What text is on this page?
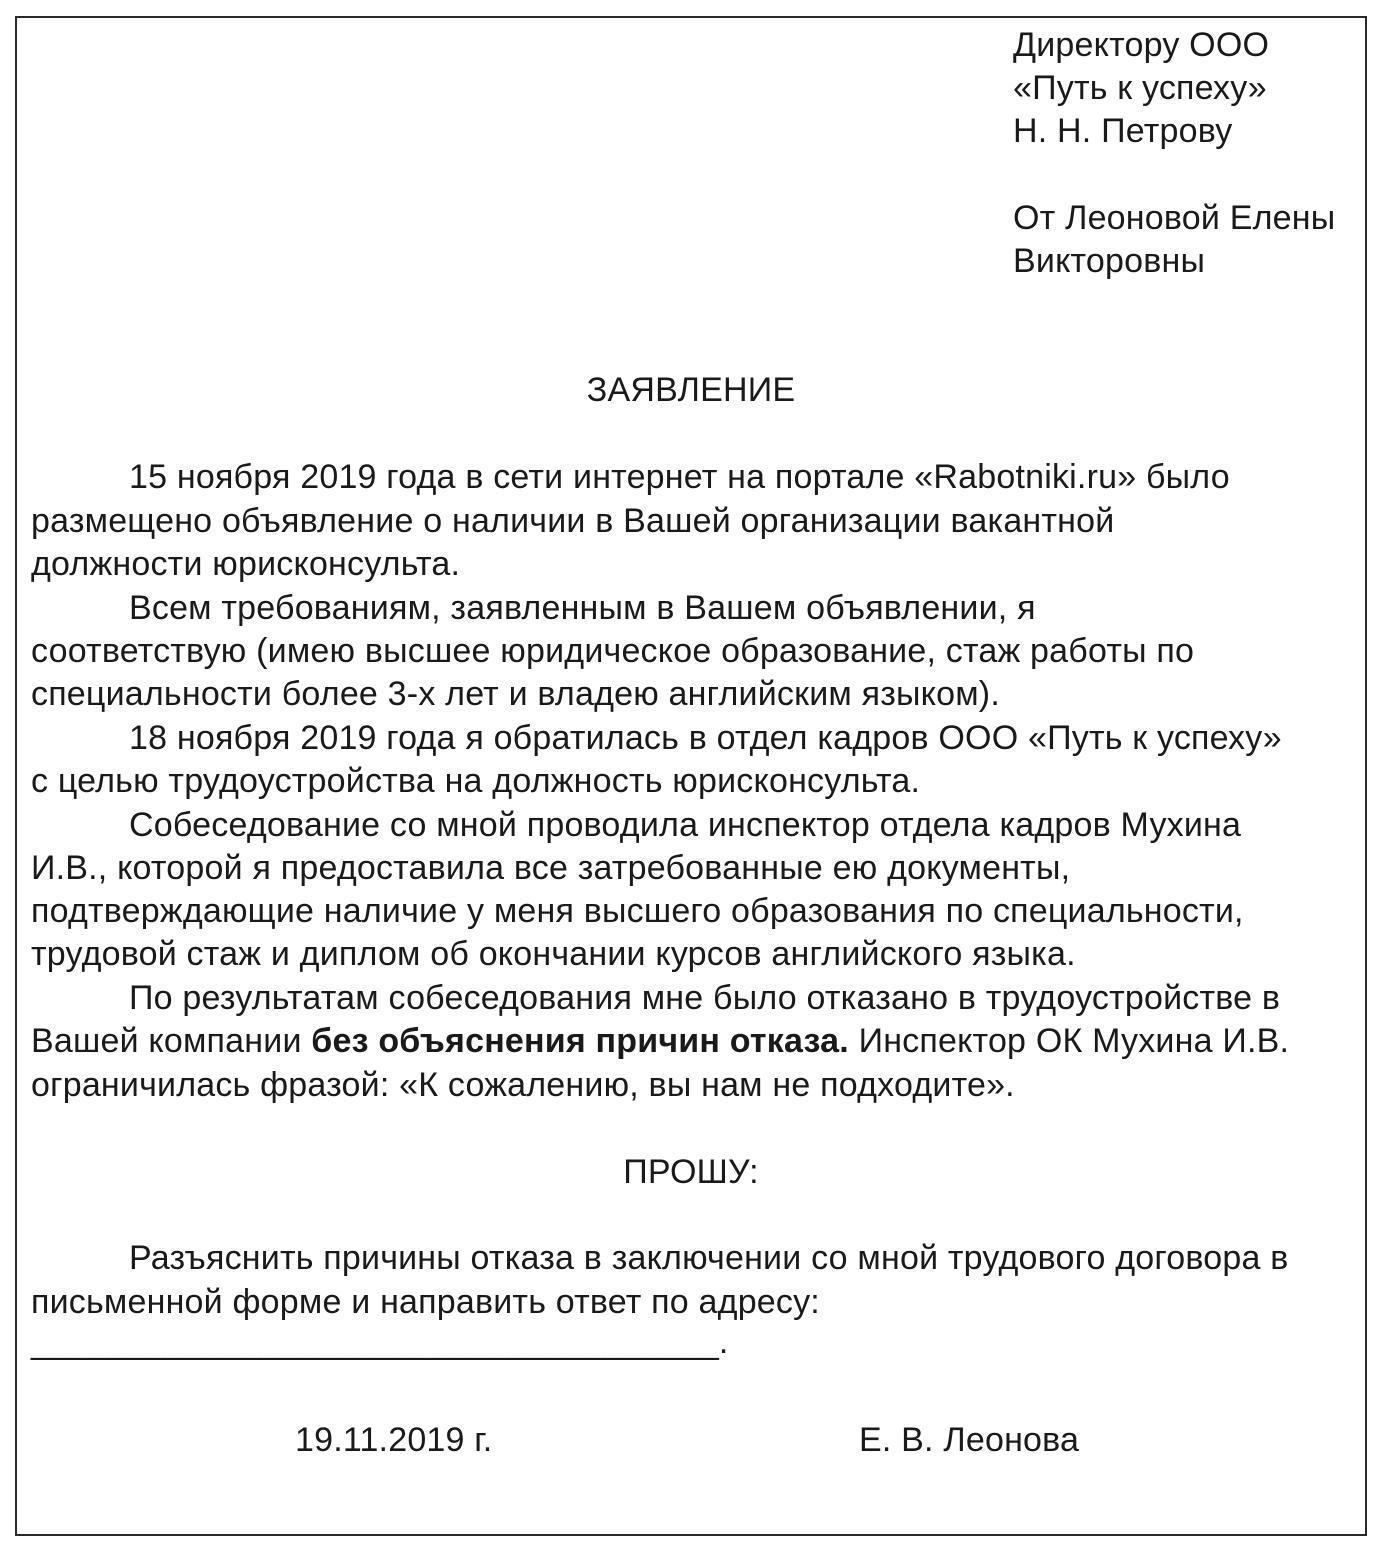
Директору ООО
«Путь к успеху»
Н. Н. Петрову
От Леоновой Елены
Викторовны
ЗАЯВЛЕНИЕ
15 ноября 2019 года в сети интернет на портале «Rabotniki.ru» было
размещено объявление о наличии в Вашей организации вакантной
должности юрисконсульта.
Всем требованиям, заявленным в Вашем объявлении, я
соответствую (имею высшее юридическое образование, стаж работы по
специальности более 3-х лет и владею английским языком).
18 ноября 2019 года я обратилась в отдел кадров ООО «Путь к успеху»
с целью трудоустройства на должность юрисконсульта.
Собеседование со мной проводила инспектор отдела кадров Мухина
И.В., которой я предоставила все затребованные ею документы,
подтверждающие наличие у меня высшего образования по специальности,
трудовой стаж и диплом об окончании курсов английского языка.
По результатам собеседования мне было отказано в трудоустройстве в
Вашей компании без объяснения причин отказа. Инспектор ОК Мухина И.В.
ограничилась фразой: «К сожалению, вы нам не подходите».
ПРОШУ:
Разъяснить причины отказа в заключении со мной трудового договора в
письменной форме и направить ответ по адресу:
____________________________________.
19.11.2019 г.	Е. В. Леонова
